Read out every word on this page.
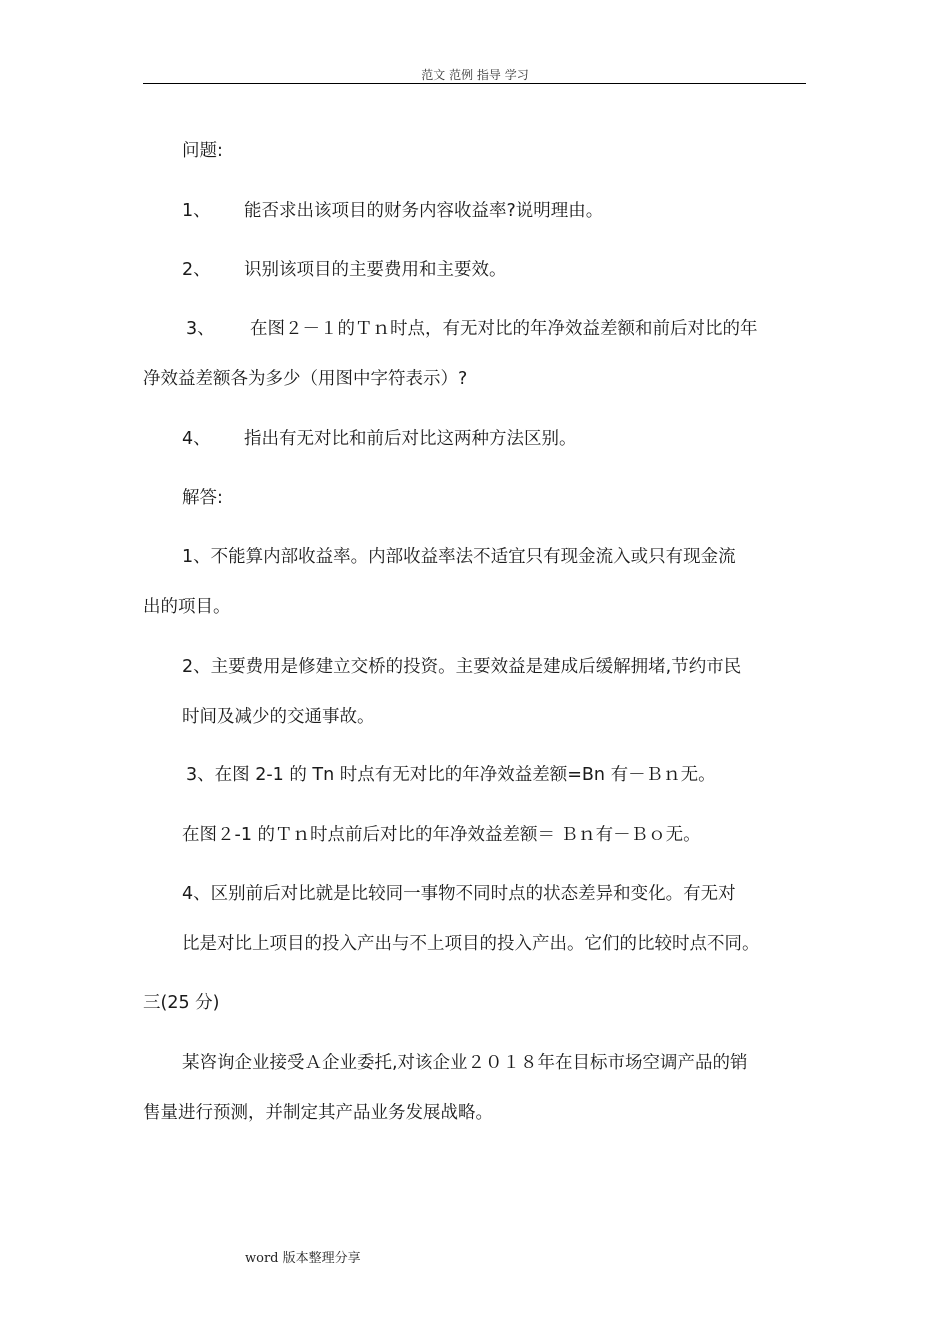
范文 范例 指导 学习
问题:
1、 能否求出该项目的财务内容收益率?说明理由。
2、 识别该项目的主要费用和主要效。
3、 在图２－１的Ｔｎ时点，有无对比的年净效益差额和前后对比的年
净效益差额各为多少（用图中字符表示）?
4、 指出有无对比和前后对比这两种方法区别。
解答:
1、不能算内部收益率。内部收益率法不适宜只有现金流入或只有现金流
出的项目。
2、主要费用是修建立交桥的投资。主要效益是建成后缓解拥堵,节约市民
时间及减少的交通事故。
3、在图 2-1 的 Tn 时点有无对比的年净效益差额=Bn 有－Ｂｎ无。
在图２-1 的Ｔｎ时点前后对比的年净效益差额＝ Ｂｎ有－Ｂｏ无。
4、区别前后对比就是比较同一事物不同时点的状态差异和变化。有无对
比是对比上项目的投入产出与不上项目的投入产出。它们的比较时点不同。
三(25 分)
某咨询企业接受Ａ企业委托,对该企业２０１８年在目标市场空调产品的销
售量进行预测，并制定其产品业务发展战略。
word 版本整理分享
